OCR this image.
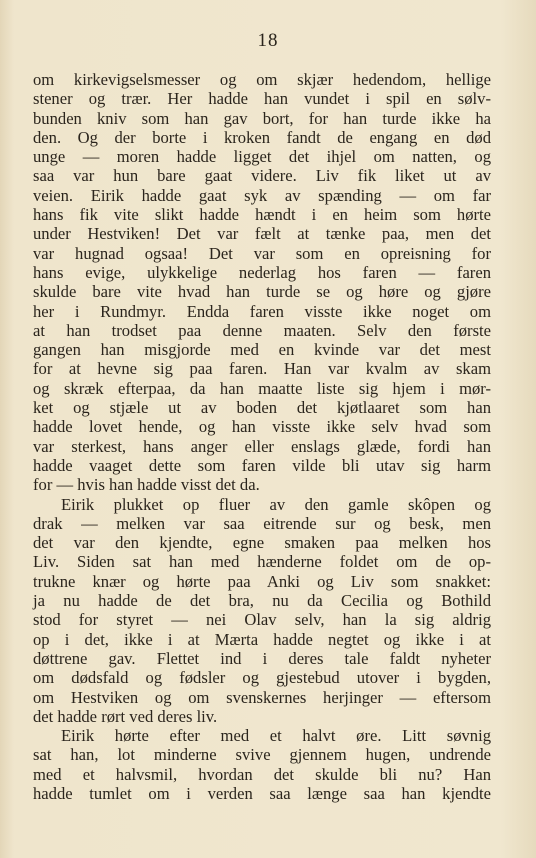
18
om kirkevigselsmesser og om skjær hedendom, hellige
stener og trær. Her hadde han vundet i spil en sølv-
bunden kniv som han gav bort, for han turde ikke ha
den. Og der borte i kroken fandt de engang en død
unge — moren hadde ligget det ihjel om natten, og
saa var hun bare gaat videre. Liv fik liket ut av
veien. Eirik hadde gaat syk av spænding — om far
hans fik vite slikt hadde hændt i en heim som hørte
under Hestviken! Det var fælt at tænke paa, men det
var hugnad ogsaa! Det var som en opreisning for
hans evige, ulykkelige nederlag hos faren — faren
skulde bare vite hvad han turde se og høre og gjøre
her i Rundmyr. Endda faren visste ikke noget om
at han trodset paa denne maaten. Selv den første
gangen han misgjorde med en kvinde var det mest
for at hevne sig paa faren. Han var kvalm av skam
og skræk efterpaa, da han maatte liste sig hjem i mør-
ket og stjæle ut av boden det kjøtlaaret som han
hadde lovet hende, og han visste ikke selv hvad som
var sterkest, hans anger eller enslags glæde, fordi han
hadde vaaget dette som faren vilde bli utav sig harm
for — hvis han hadde visst det da.
Eirik plukket op fluer av den gamle skôpen og
drak — melken var saa eitrende sur og besk, men
det var den kjendte, egne smaken paa melken hos
Liv. Siden sat han med hænderne foldet om de op-
trukne knær og hørte paa Anki og Liv som snakket:
ja nu hadde de det bra, nu da Cecilia og Bothild
stod for styret — nei Olav selv, han la sig aldrig
op i det, ikke i at Mærta hadde negtet og ikke i at
døttrene gav. Flettet ind i deres tale faldt nyheter
om dødsfald og fødsler og gjestebud utover i bygden,
om Hestviken og om svenskernes herjinger — eftersom
det hadde rørt ved deres liv.
Eirik hørte efter med et halvt øre. Litt søvnig
sat han, lot minderne svive gjennem hugen, undrende
med et halvsmil, hvordan det skulde bli nu? Han
hadde tumlet om i verden saa længe saa han kjendte
